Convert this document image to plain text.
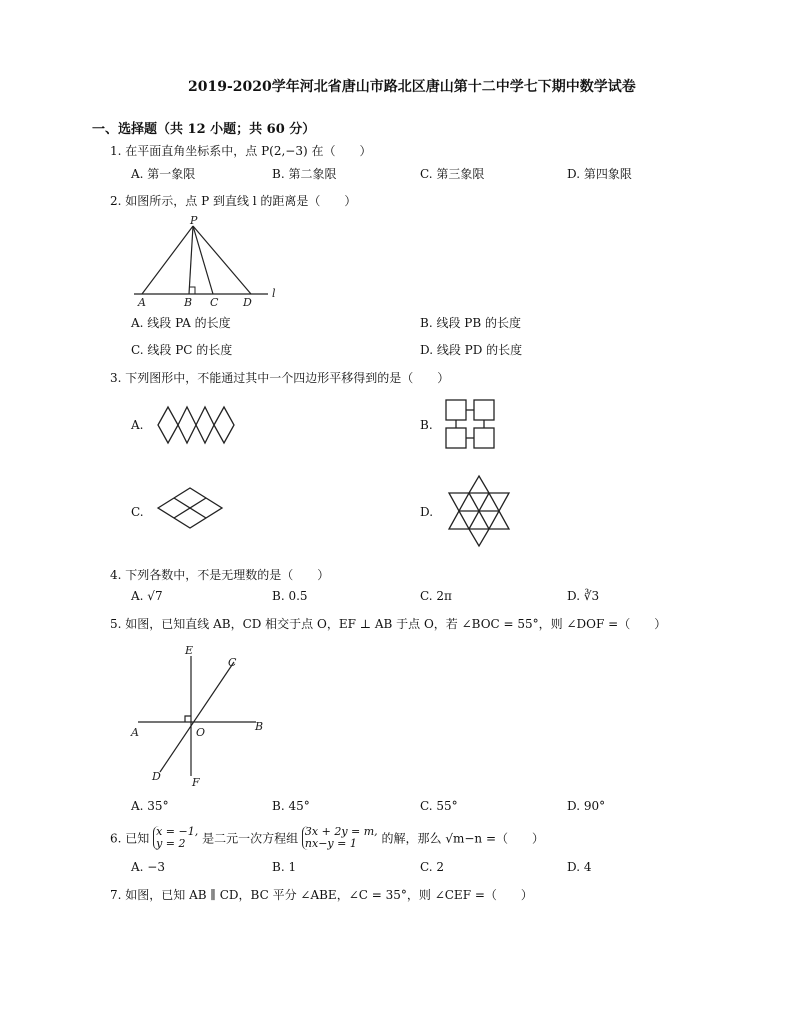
2019-2020学年河北省唐山市路北区唐山第十二中学七下期中数学试卷
一、选择题（共 12 小题；共 60 分）
1. 在平面直角坐标系中，点 P(2,−3) 在（　　）
A. 第一象限	B. 第二象限	C. 第三象限	D. 第四象限
2. 如图所示，点 P 到直线 l 的距离是（　　）
P
A	B C D
l
A. 线段 PA 的长度	B. 线段 PB 的长度
C. 线段 PC 的长度	D. 线段 PD 的长度
3. 下列图形中，不能通过其中一个四边形平移得到的是（　　）
A.	B.
C.	D.
4. 下列各数中，不是无理数的是（　　）
A. √7	B. 0.5	C. 2π	D. ∛3
5. 如图，已知直线 AB，CD 相交于点 O，EF ⊥ AB 于点 O，若 ∠BOC = 55°，则 ∠DOF =（　　）
E
C
A	O	B
D	F
A. 35°	B. 45°	C. 55°	D. 90°
6. 已知 x = −1,
y = 2 是二元一次方程组 3x + 2y = m,
nx−y = 1 的解，那么 √m−n =（　　）
A. −3	B. 1	C. 2	D. 4
7. 如图，已知 AB ∥ CD，BC 平分 ∠ABE，∠C = 35°，则 ∠CEF =（　　）
